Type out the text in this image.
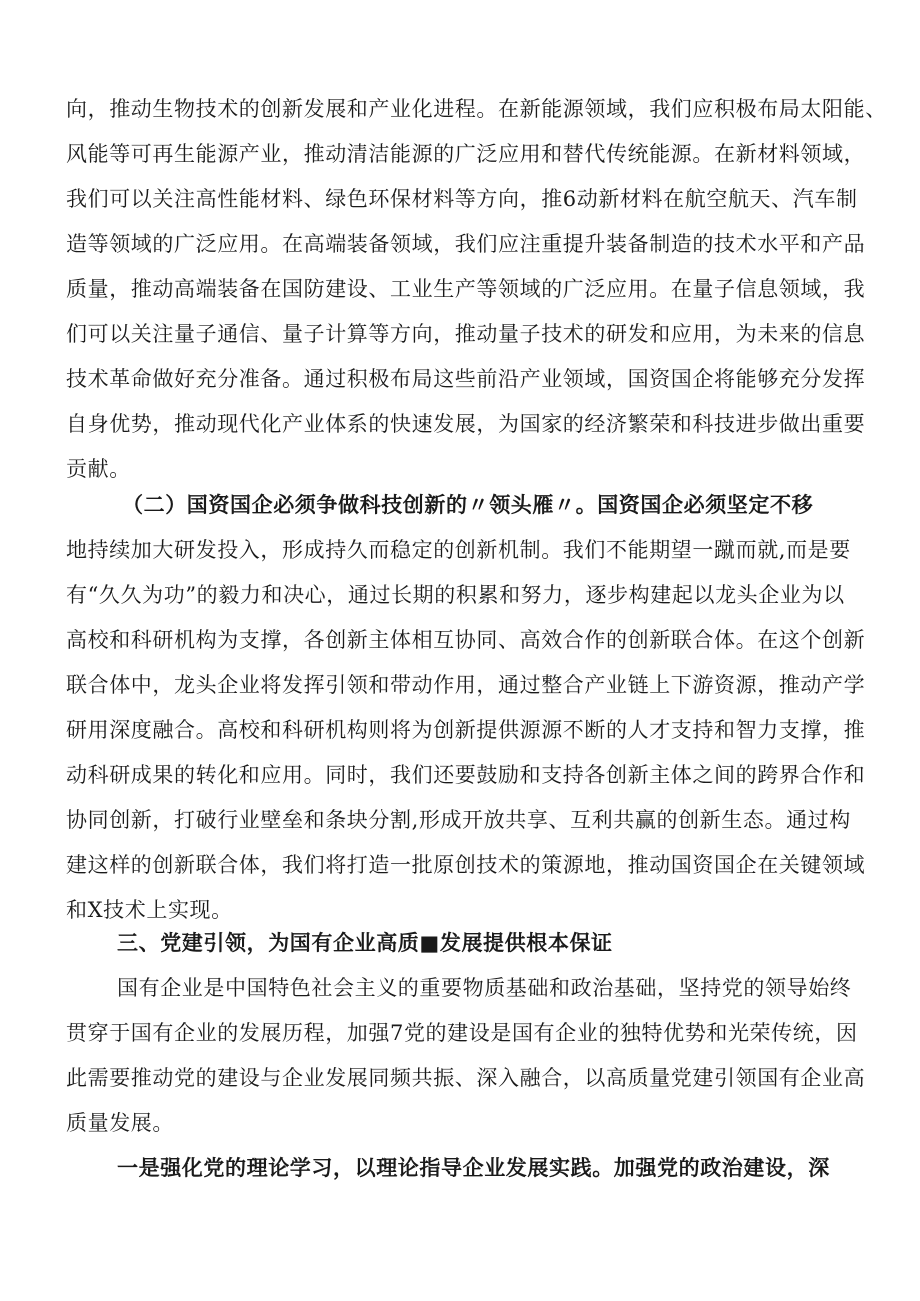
向，推动生物技术的创新发展和产业化进程。在新能源领域，我们应积极布局太阳能、
风能等可再生能源产业，推动清洁能源的广泛应用和替代传统能源。在新材料领域，
我们可以关注高性能材料、绿色环保材料等方向，推6动新材料在航空航天、汽车制
造等领域的广泛应用。在高端装备领域，我们应注重提升装备制造的技术水平和产品
质量，推动高端装备在国防建设、工业生产等领域的广泛应用。在量子信息领域，我
们可以关注量子通信、量子计算等方向，推动量子技术的研发和应用，为未来的信息
技术革命做好充分准备。通过积极布局这些前沿产业领域，国资国企将能够充分发挥
自身优势，推动现代化产业体系的快速发展，为国家的经济繁荣和科技进步做出重要
贡献。
（二）国资国企必须争做科技创新的〃领头雁〃。国资国企必须坚定不移
地持续加大研发投入，形成持久而稳定的创新机制。我们不能期望一蹴而就,而是要
有“久久为功”的毅力和决心，通过长期的积累和努力，逐步构建起以龙头企业为以
高校和科研机构为支撑，各创新主体相互协同、高效合作的创新联合体。在这个创新
联合体中，龙头企业将发挥引领和带动作用，通过整合产业链上下游资源，推动产学
研用深度融合。高校和科研机构则将为创新提供源源不断的人才支持和智力支撑，推
动科研成果的转化和应用。同时，我们还要鼓励和支持各创新主体之间的跨界合作和
协同创新，打破行业壁垒和条块分割,形成开放共享、互利共赢的创新生态。通过构
建这样的创新联合体，我们将打造一批原创技术的策源地，推动国资国企在关键领域
和X技术上实现。
三、党建引领，为国有企业高质■发展提供根本保证
国有企业是中国特色社会主义的重要物质基础和政治基础，坚持党的领导始终
贯穿于国有企业的发展历程，加强7党的建设是国有企业的独特优势和光荣传统，因
此需要推动党的建设与企业发展同频共振、深入融合，以高质量党建引领国有企业高
质量发展。
一是强化党的理论学习，以理论指导企业发展实践。加强党的政治建设，深
